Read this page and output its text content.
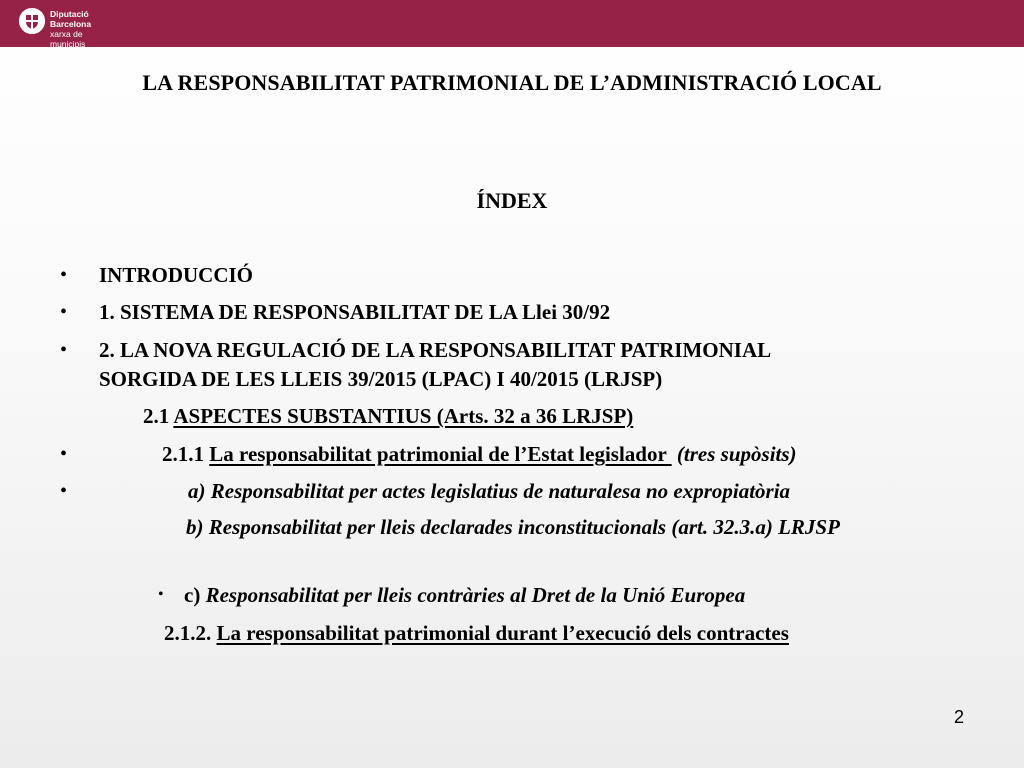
Diputació
Barcelona
xarxa de municipis
LA RESPONSABILITAT PATRIMONIAL DE L’ADMINISTRACIÓ LOCAL
ÍNDEX
• INTRODUCCIÓ
• 1. SISTEMA DE RESPONSABILITAT DE LA Llei 30/92
• 2. LA NOVA REGULACIÓ DE LA RESPONSABILITAT PATRIMONIAL
SORGIDA DE LES LLEIS 39/2015 (LPAC) I 40/2015 (LRJSP)
2.1 ASPECTES SUBSTANTIUS (Arts. 32 a 36 LRJSP)
•	2.1.1 La responsabilitat patrimonial de l’Estat legislador  (tres supòsits)
•	a) Responsabilitat per actes legislatius de naturalesa no expropiatòria
b) Responsabilitat per lleis declarades inconstitucionals (art. 32.3.a) LRJSP
• c) Responsabilitat per lleis contràries al Dret de la Unió Europea
2.1.2. La responsabilitat patrimonial durant l’execució dels contractes
2
